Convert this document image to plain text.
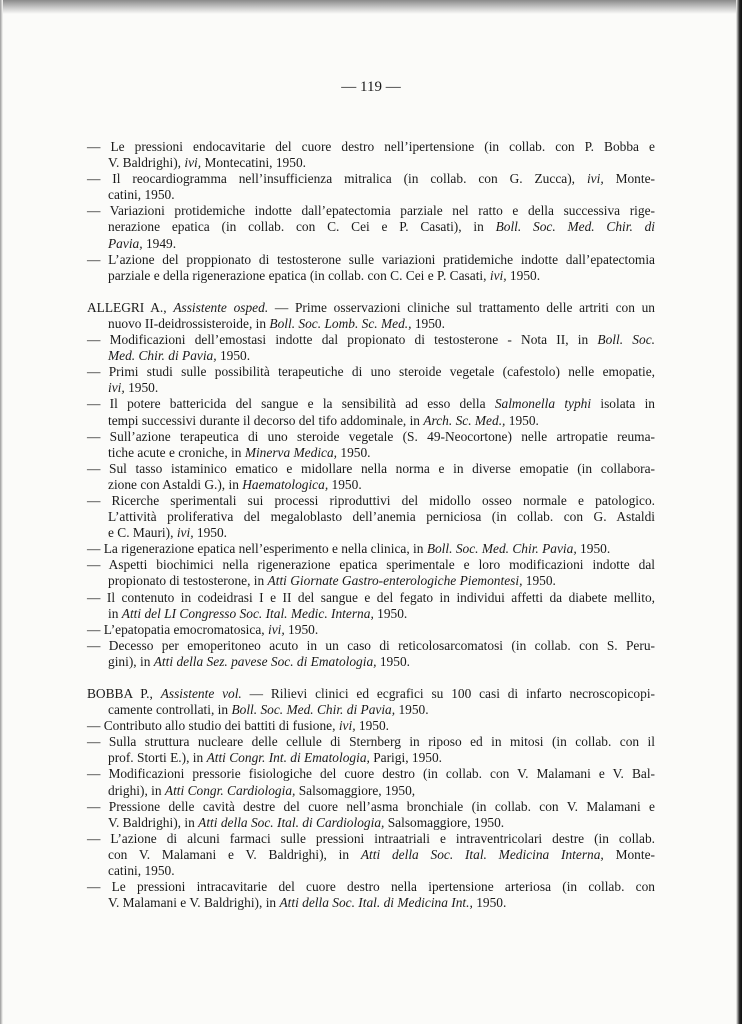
— 119 —
— Le pressioni endocavitarie del cuore destro nell’ipertensione (in collab. con P. Bobba e
V. Baldrighi), ivi, Montecatini, 1950.
— Il reocardiogramma nell’insufficienza mitralica (in collab. con G. Zucca), ivi, Monte-
catini, 1950.
— Variazioni protidemiche indotte dall’epatectomia parziale nel ratto e della successiva rige-
nerazione epatica (in collab. con C. Cei e P. Casati), in Boll. Soc. Med. Chir. di
Pavia, 1949.
— L’azione del proppionato di testosterone sulle variazioni pratidemiche indotte dall’epatectomia
parziale e della rigenerazione epatica (in collab. con C. Cei e P. Casati, ivi, 1950.
ALLEGRI A., Assistente osped. — Prime osservazioni cliniche sul trattamento delle artriti con un
nuovo II-deidrossisteroide, in Boll. Soc. Lomb. Sc. Med., 1950.
— Modificazioni dell’emostasi indotte dal propionato di testosterone - Nota II, in Boll. Soc.
Med. Chir. di Pavia, 1950.
— Primi studi sulle possibilità terapeutiche di uno steroide vegetale (cafestolo) nelle emopatie,
ivi, 1950.
— Il potere battericida del sangue e la sensibilità ad esso della Salmonella typhi isolata in
tempi successivi durante il decorso del tifo addominale, in Arch. Sc. Med., 1950.
— Sull’azione terapeutica di uno steroide vegetale (S. 49-Neocortone) nelle artropatie reuma-
tiche acute e croniche, in Minerva Medica, 1950.
— Sul tasso istaminico ematico e midollare nella norma e in diverse emopatie (in collabora-
zione con Astaldi G.), in Haematologica, 1950.
— Ricerche sperimentali sui processi riproduttivi del midollo osseo normale e patologico.
L’attività proliferativa del megaloblasto dell’anemia perniciosa (in collab. con G. Astaldi
e C. Mauri), ivi, 1950.
— La rigenerazione epatica nell’esperimento e nella clinica, in Boll. Soc. Med. Chir. Pavia, 1950.
— Aspetti biochimici nella rigenerazione epatica sperimentale e loro modificazioni indotte dal
propionato di testosterone, in Atti Giornate Gastro-enterologiche Piemontesi, 1950.
— Il contenuto in codeidrasi I e II del sangue e del fegato in individui affetti da diabete mellito,
in Atti del LI Congresso Soc. Ital. Medic. Interna, 1950.
— L’epatopatia emocromatosica, ivi, 1950.
— Decesso per emoperitoneo acuto in un caso di reticolosarcomatosi (in collab. con S. Peru-
gini), in Atti della Sez. pavese Soc. di Ematologia, 1950.
BOBBA P., Assistente vol. — Rilievi clinici ed ecgrafici su 100 casi di infarto necroscopicopi-
camente controllati, in Boll. Soc. Med. Chir. di Pavia, 1950.
— Contributo allo studio dei battiti di fusione, ivi, 1950.
— Sulla struttura nucleare delle cellule di Sternberg in riposo ed in mitosi (in collab. con il
prof. Storti E.), in Atti Congr. Int. di Ematologia, Parigi, 1950.
— Modificazioni pressorie fisiologiche del cuore destro (in collab. con V. Malamani e V. Bal-
drighi), in Atti Congr. Cardiologia, Salsomaggiore, 1950,
— Pressione delle cavità destre del cuore nell’asma bronchiale (in collab. con V. Malamani e
V. Baldrighi), in Atti della Soc. Ital. di Cardiologia, Salsomaggiore, 1950.
— L’azione di alcuni farmaci sulle pressioni intraatriali e intraventricolari destre (in collab.
con V. Malamani e V. Baldrighi), in Atti della Soc. Ital. Medicina Interna, Monte-
catini, 1950.
— Le pressioni intracavitarie del cuore destro nella ipertensione arteriosa (in collab. con
V. Malamani e V. Baldrighi), in Atti della Soc. Ital. di Medicina Int., 1950.
